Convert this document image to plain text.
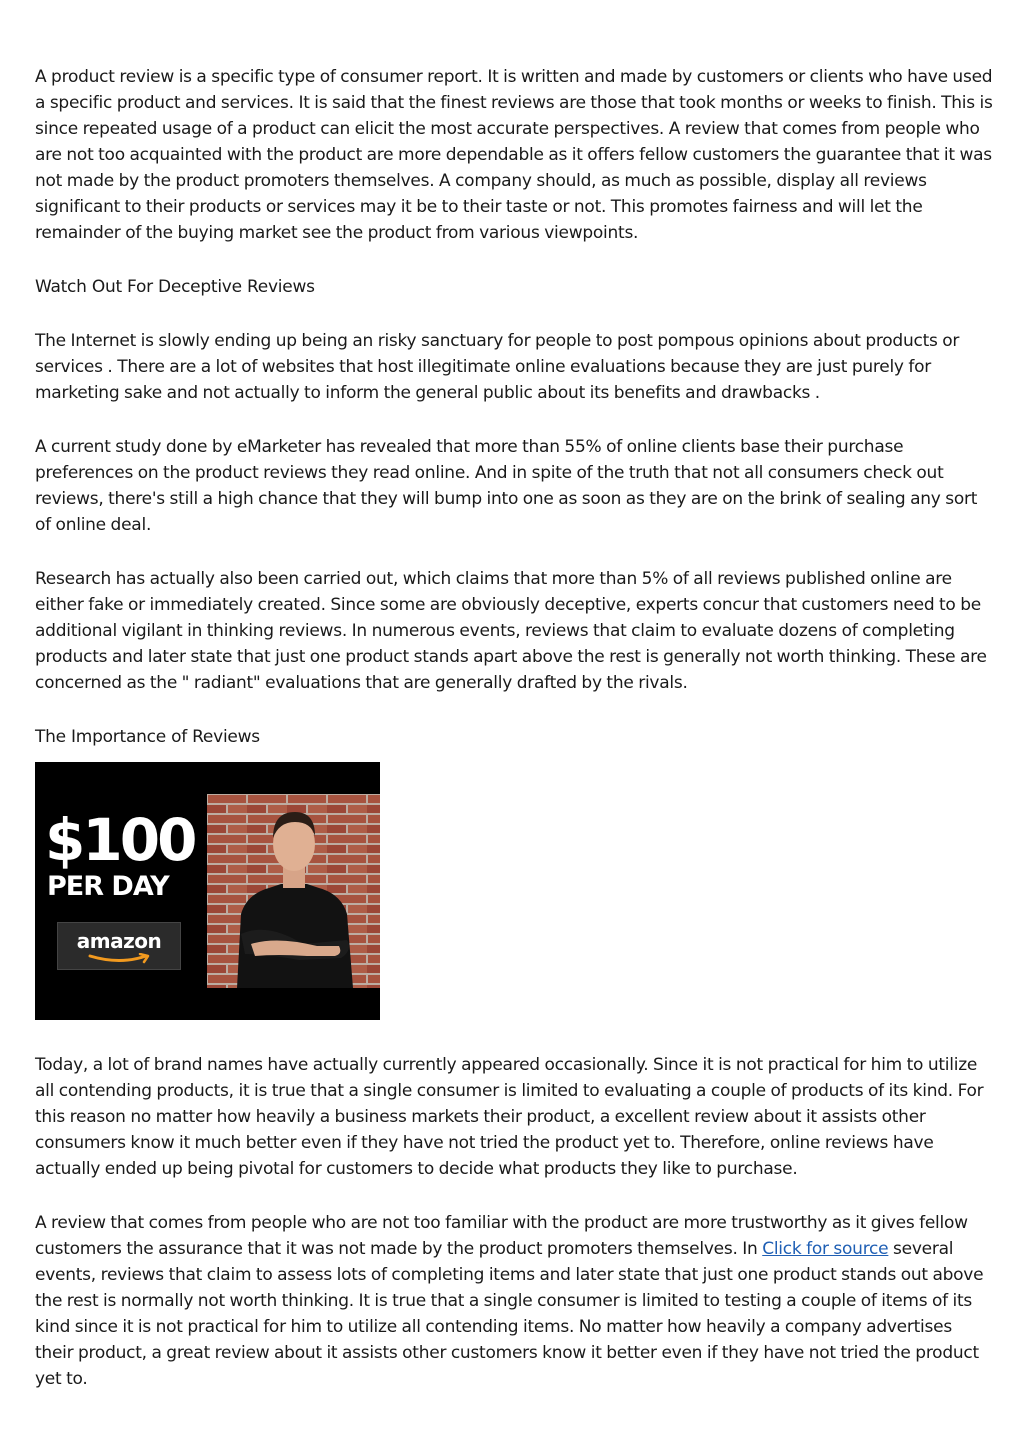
A product review is a specific type of consumer report. It is written and made by customers or clients who have used a specific product and services. It is said that the finest reviews are those that took months or weeks to finish. This is since repeated usage of a product can elicit the most accurate perspectives. A review that comes from people who are not too acquainted with the product are more dependable as it offers fellow customers the guarantee that it was not made by the product promoters themselves. A company should, as much as possible, display all reviews significant to their products or services may it be to their taste or not. This promotes fairness and will let the remainder of the buying market see the product from various viewpoints.

Watch Out For Deceptive Reviews

The Internet is slowly ending up being an risky sanctuary for people to post pompous opinions about products or services . There are a lot of websites that host illegitimate online evaluations because they are just purely for marketing sake and not actually to inform the general public about its benefits and drawbacks .

A current study done by eMarketer has revealed that more than 55% of online clients base their purchase preferences on the product reviews they read online. And in spite of the truth that not all consumers check out reviews, there's still a high chance that they will bump into one as soon as they are on the brink of sealing any sort of online deal.

Research has actually also been carried out, which claims that more than 5% of all reviews published online are either fake or immediately created. Since some are obviously deceptive, experts concur that customers need to be additional vigilant in thinking reviews. In numerous events, reviews that claim to evaluate dozens of completing products and later state that just one product stands apart above the rest is generally not worth thinking. These are concerned as the " radiant" evaluations that are generally drafted by the rivals.

The Importance of Reviews

$100
PER DAY
amazon

Today, a lot of brand names have actually currently appeared occasionally. Since it is not practical for him to utilize all contending products, it is true that a single consumer is limited to evaluating a couple of products of its kind. For this reason no matter how heavily a business markets their product, a excellent review about it assists other consumers know it much better even if they have not tried the product yet to. Therefore, online reviews have actually ended up being pivotal for customers to decide what products they like to purchase.

A review that comes from people who are not too familiar with the product are more trustworthy as it gives fellow customers the assurance that it was not made by the product promoters themselves. In Click for source several events, reviews that claim to assess lots of completing items and later state that just one product stands out above the rest is normally not worth thinking. It is true that a single consumer is limited to testing a couple of items of its kind since it is not practical for him to utilize all contending items. No matter how heavily a company advertises their product, a great review about it assists other customers know it better even if they have not tried the product yet to.
